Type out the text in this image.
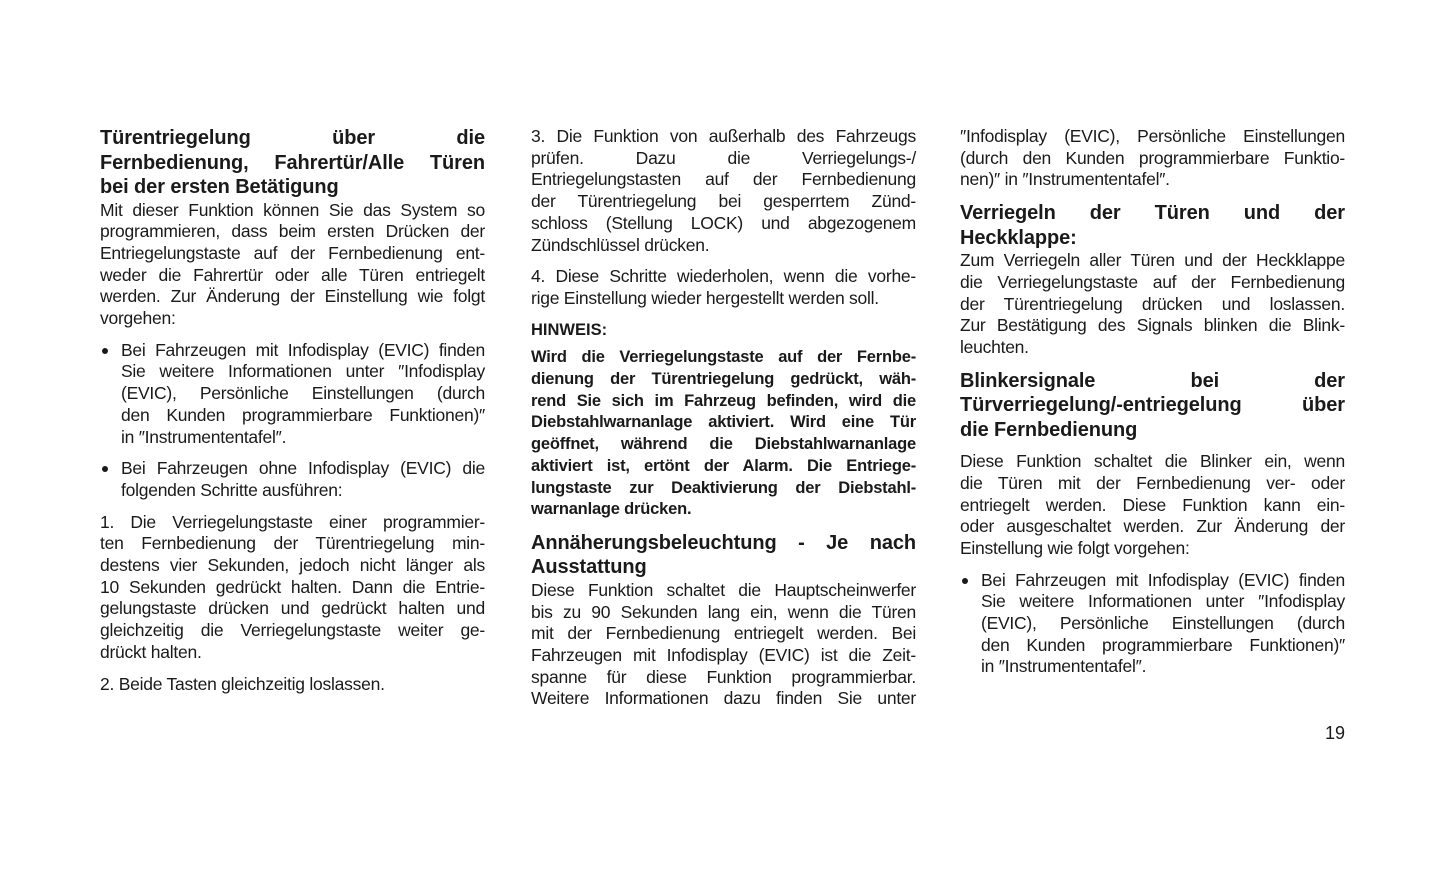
Türentriegelung über die
Fernbedienung, Fahrertür/Alle Türen
bei der ersten Betätigung
Mit dieser Funktion können Sie das System so
programmieren, dass beim ersten Drücken der
Entriegelungstaste auf der Fernbedienung ent-
weder die Fahrertür oder alle Türen entriegelt
werden. Zur Änderung der Einstellung wie folgt
vorgehen:
Bei Fahrzeugen mit Infodisplay (EVIC) finden
Sie weitere Informationen unter ″Infodisplay
(EVIC), Persönliche Einstellungen (durch
den Kunden programmierbare Funktionen)″
in ″Instrumententafel″.
Bei Fahrzeugen ohne Infodisplay (EVIC) die
folgenden Schritte ausführen:
1. Die Verriegelungstaste einer programmier-
ten Fernbedienung der Türentriegelung min-
destens vier Sekunden, jedoch nicht länger als
10 Sekunden gedrückt halten. Dann die Entrie-
gelungstaste drücken und gedrückt halten und
gleichzeitig die Verriegelungstaste weiter ge-
drückt halten.
2. Beide Tasten gleichzeitig loslassen.
3. Die Funktion von außerhalb des Fahrzeugs
prüfen. Dazu die Verriegelungs-/
Entriegelungstasten auf der Fernbedienung
der Türentriegelung bei gesperrtem Zünd-
schloss (Stellung LOCK) und abgezogenem
Zündschlüssel drücken.
4. Diese Schritte wiederholen, wenn die vorhe-
rige Einstellung wieder hergestellt werden soll.
HINWEIS:
Wird die Verriegelungstaste auf der Fernbe-
dienung der Türentriegelung gedrückt, wäh-
rend Sie sich im Fahrzeug befinden, wird die
Diebstahlwarnanlage aktiviert. Wird eine Tür
geöffnet, während die Diebstahlwarnanlage
aktiviert ist, ertönt der Alarm. Die Entriege-
lungstaste zur Deaktivierung der Diebstahl-
warnanlage drücken.
Annäherungsbeleuchtung - Je nach
Ausstattung
Diese Funktion schaltet die Hauptscheinwerfer
bis zu 90 Sekunden lang ein, wenn die Türen
mit der Fernbedienung entriegelt werden. Bei
Fahrzeugen mit Infodisplay (EVIC) ist die Zeit-
spanne für diese Funktion programmierbar.
Weitere Informationen dazu finden Sie unter
″Infodisplay (EVIC), Persönliche Einstellungen
(durch den Kunden programmierbare Funktio-
nen)″ in ″Instrumententafel″.
Verriegeln der Türen und der
Heckklappe:
Zum Verriegeln aller Türen und der Heckklappe
die Verriegelungstaste auf der Fernbedienung
der Türentriegelung drücken und loslassen.
Zur Bestätigung des Signals blinken die Blink-
leuchten.
Blinkersignale bei der
Türverriegelung/-entriegelung über
die Fernbedienung
Diese Funktion schaltet die Blinker ein, wenn
die Türen mit der Fernbedienung ver- oder
entriegelt werden. Diese Funktion kann ein-
oder ausgeschaltet werden. Zur Änderung der
Einstellung wie folgt vorgehen:
Bei Fahrzeugen mit Infodisplay (EVIC) finden
Sie weitere Informationen unter ″Infodisplay
(EVIC), Persönliche Einstellungen (durch
den Kunden programmierbare Funktionen)″
in ″Instrumententafel″.
19
